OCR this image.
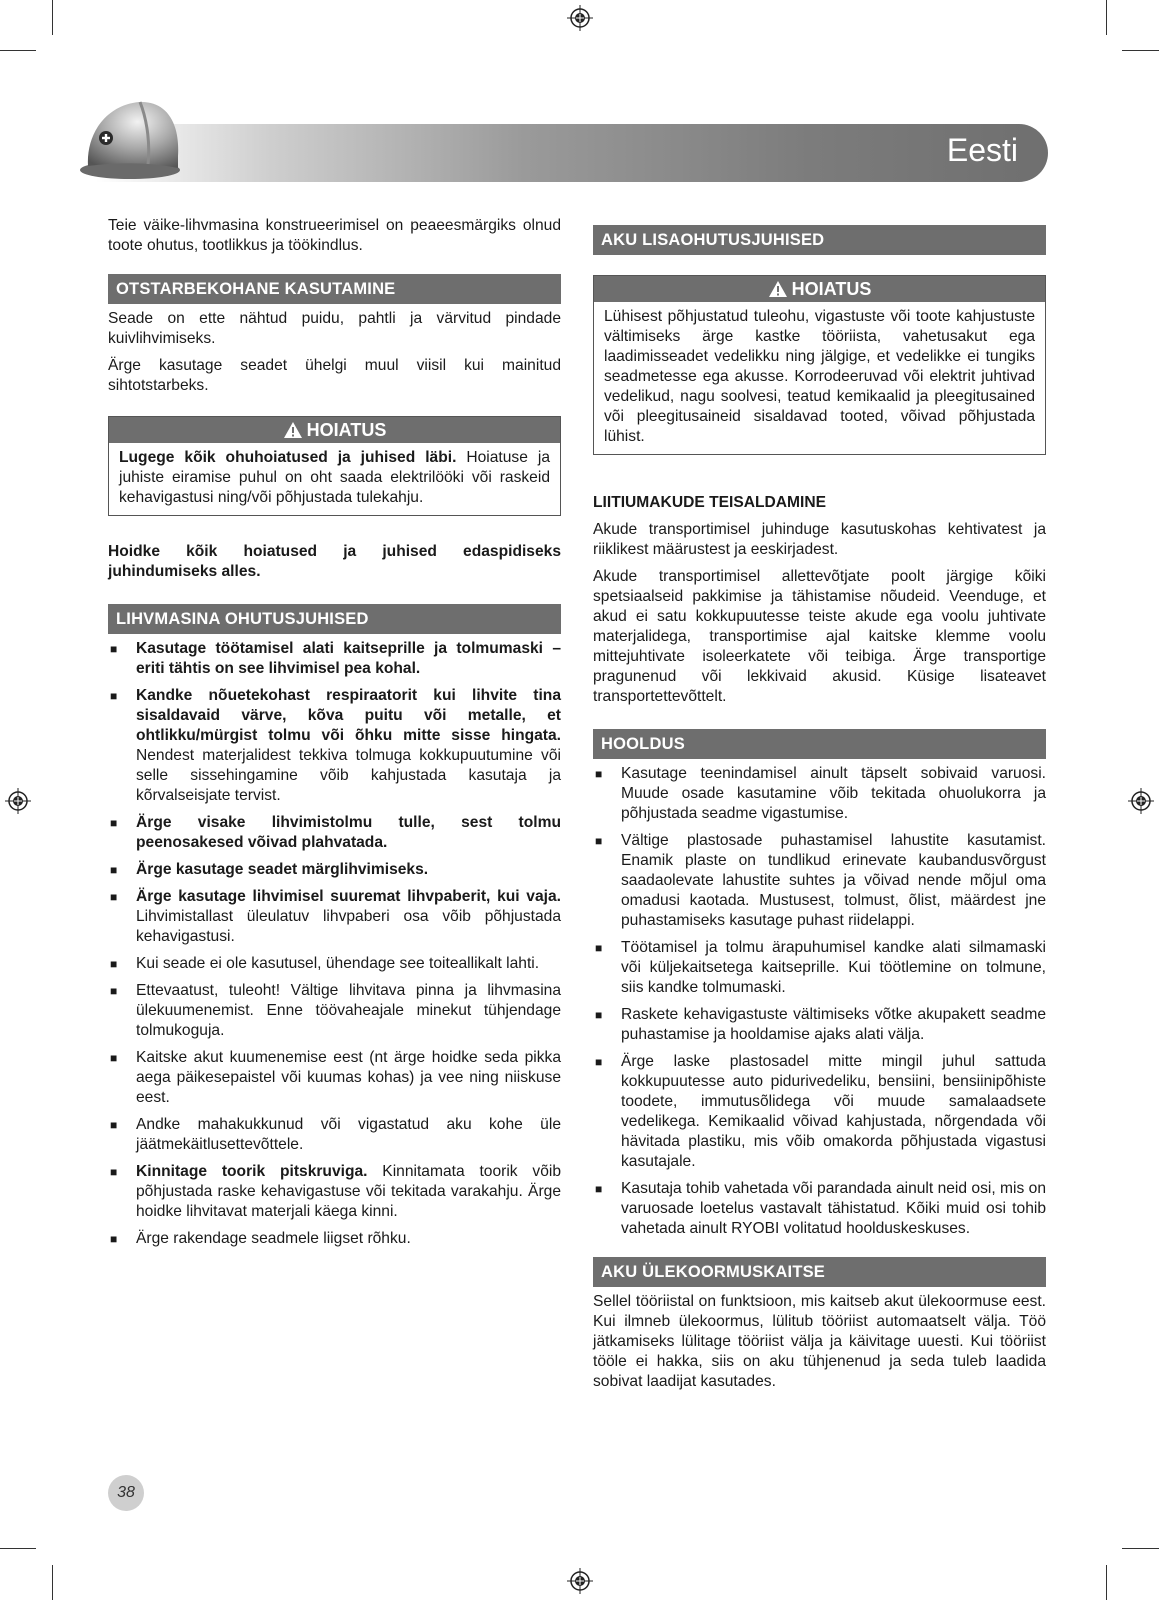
Eesti

Teie väike-lihvmasina konstrueerimisel on peaeesmärgiks olnud toote ohutus, tootlikkus ja töökindlus.

OTSTARBEKOHANE KASUTAMINE

Seade on ette nähtud puidu, pahtli ja värvitud pindade kuivlihvimiseks.

Ärge kasutage seadet ühelgi muul viisil kui mainitud sihtotstarbeks.

HOIATUS
Lugege kõik ohuhoiatused ja juhised läbi. Hoiatuse ja juhiste eiramise puhul on oht saada elektrilööki või raskeid kehavigastusi ning/või põhjustada tulekahju.

Hoidke kõik hoiatused ja juhised edaspidiseks juhindumiseks alles.

LIHVMASINA OHUTUSJUHISED
■ Kasutage töötamisel alati kaitseprille ja tolmumaski – eriti tähtis on see lihvimisel pea kohal.
■ Kandke nõuetekohast respiraatorit kui lihvite tina sisaldavaid värve, kõva puitu või metalle, et ohtlikku/mürgist tolmu või õhku mitte sisse hingata. Nendest materjalidest tekkiva tolmuga kokkupuutumine või selle sissehingamine võib kahjustada kasutaja ja kõrvalseisjate tervist.
■ Ärge visake lihvimistolmu tulle, sest tolmu peenosakesed võivad plahvatada.
■ Ärge kasutage seadet märglihvimiseks.
■ Ärge kasutage lihvimisel suuremat lihvpaberit, kui vaja. Lihvimistallast üleulatuv lihvpaberi osa võib põhjustada kehavigastusi.
■ Kui seade ei ole kasutusel, ühendage see toiteallikalt lahti.
■ Ettevaatust, tuleoht! Vältige lihvitava pinna ja lihvmasina ülekuumenemist. Enne töövaheajale minekut tühjendage tolmukoguja.
■ Kaitske akut kuumenemise eest (nt ärge hoidke seda pikka aega päikesepaistel või kuumas kohas) ja vee ning niiskuse eest.
■ Andke mahakukkunud või vigastatud aku kohe üle jäätmekäitlusettevõttele.
■ Kinnitage toorik pitskruviga. Kinnitamata toorik võib põhjustada raske kehavigastuse või tekitada varakahju. Ärge hoidke lihvitavat materjali käega kinni.
■ Ärge rakendage seadmele liigset rõhku.
AKU LISAOHUTUSJUHISED
HOIATUS
Lühisest põhjustatud tuleohu, vigastuste või toote kahjustuste vältimiseks ärge kastke tööriista, vahetusakut ega laadimisseadet vedelikku ning jälgige, et vedelikke ei tungiks seadmetesse ega akusse. Korrodeeruvad või elektrit juhtivad vedelikud, nagu soolvesi, teatud kemikaalid ja pleegitusained või pleegitusaineid sisaldavad tooted, võivad põhjustada lühist.

LIITIUMAKUDE TEISALDAMINE

Akude transportimisel juhinduge kasutuskohas kehtivatest ja riiklikest määrustest ja eeskirjadest.

Akude transportimisel allettevõtjate poolt järgige kõiki spetsiaalseid pakkimise ja tähistamise nõudeid. Veenduge, et akud ei satu kokkupuutesse teiste akude ega voolu juhtivate materjalidega, transportimise ajal kaitske klemme voolu mittejuhtivate isoleerkatete või teibiga. Ärge transportige pragunenud või lekkivaid akusid. Küsige lisateavet transportettevõttelt.

HOOLDUS
■ Kasutage teenindamisel ainult täpselt sobivaid varuosi. Muude osade kasutamine võib tekitada ohuolukorra ja põhjustada seadme vigastumise.
■ Vältige plastosade puhastamisel lahustite kasutamist. Enamik plaste on tundlikud erinevate kaubandusvõrgust saadaolevate lahustite suhtes ja võivad nende mõjul oma omadusi kaotada. Mustusest, tolmust, õlist, määrdest jne puhastamiseks kasutage puhast riidelappi.
■ Töötamisel ja tolmu ärapuhumisel kandke alati silmamaski või küljekaitsetega kaitseprille. Kui töötlemine on tolmune, siis kandke tolmumaski.
■ Raskete kehavigastuste vältimiseks võtke akupakett seadme puhastamise ja hooldamise ajaks alati välja.
■ Ärge laske plastosadel mitte mingil juhul sattuda kokkupuutesse auto pidurivedeliku, bensiini, bensiinipõhiste toodete, immutusõlidega või muude samalaadsete vedelikega. Kemikaalid võivad kahjustada, nõrgendada või hävitada plastiku, mis võib omakorda põhjustada vigastusi kasutajale.
■ Kasutaja tohib vahetada või parandada ainult neid osi, mis on varuosade loetelus vastavalt tähistatud. Kõiki muid osi tohib vahetada ainult RYOBI volitatud hoolduskeskuses.
AKU ÜLEKOORMUSKAITSE

Sellel tööriistal on funktsioon, mis kaitseb akut ülekoormuse eest. Kui ilmneb ülekoormus, lülitub tööriist automaatselt välja. Töö jätkamiseks lülitage tööriist välja ja käivitage uuesti. Kui tööriist tööle ei hakka, siis on aku tühjenenud ja seda tuleb laadida sobivat laadijat kasutades.

38
